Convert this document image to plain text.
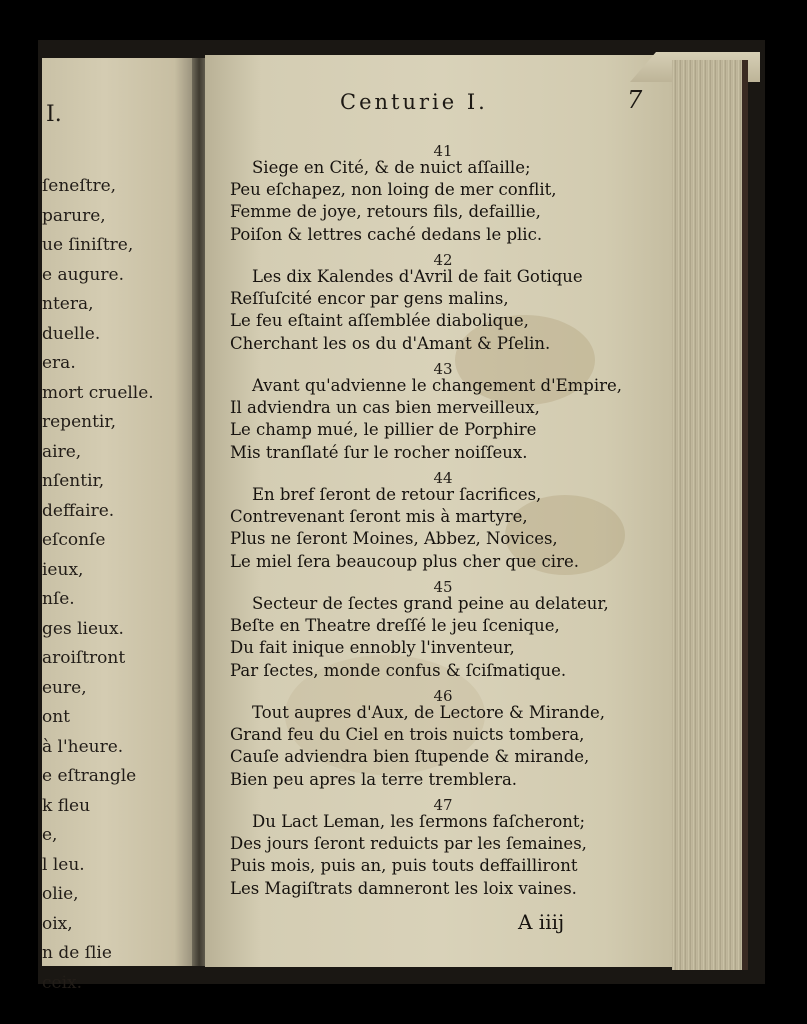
I.
ſeneſtre,
parure,
ue ſiniſtre,
e augure.
ntera,
duelle.
era.
mort cruelle.
repentir,
aire,
nſentir,
deffaire.
eſconſe
ieux,
nſe.
ges lieux.
aroiſtront
eure,
ont
à l'heure.
e eſtrangle
k fleu
e,
l leu.
olie,
oix,
n de ſlie
ceix.
Centurie I.	7
41
Siege en Cité, & de nuict aſſaille;
Peu eſchapez, non loing de mer conflit,
Femme de joye, retours fils, defaillie,
Poiſon & lettres caché dedans le plic.
42
Les dix Kalendes d'Avril de fait Gotique
Reſſuſcité encor par gens malins,
Le feu eſtaint aſſemblée diabolique,
Cherchant les os du d'Amant & Pſelin.
43
Avant qu'advienne le changement d'Empire,
Il adviendra un cas bien merveilleux,
Le champ mué, le pillier de Porphire
Mis tranſlaté ſur le rocher noiſſeux.
44
En bref ſeront de retour ſacrifices,
Contrevenant ſeront mis à martyre,
Plus ne ſeront Moines, Abbez, Novices,
Le miel ſera beaucoup plus cher que cire.
45
Secteur de ſectes grand peine au delateur,
Beſte en Theatre dreſſé le jeu ſcenique,
Du fait inique ennobly l'inventeur,
Par ſectes, monde confus & ſciſmatique.
46
Tout aupres d'Aux, de Lectore & Mirande,
Grand feu du Ciel en trois nuicts tombera,
Cauſe adviendra bien ſtupende & mirande,
Bien peu apres la terre tremblera.
47
Du Lact Leman, les ſermons faſcheront;
Des jours ſeront reduicts par les ſemaines,
Puis mois, puis an, puis touts deffailliront
Les Magiſtrats damneront les loix vaines.
A iiij
